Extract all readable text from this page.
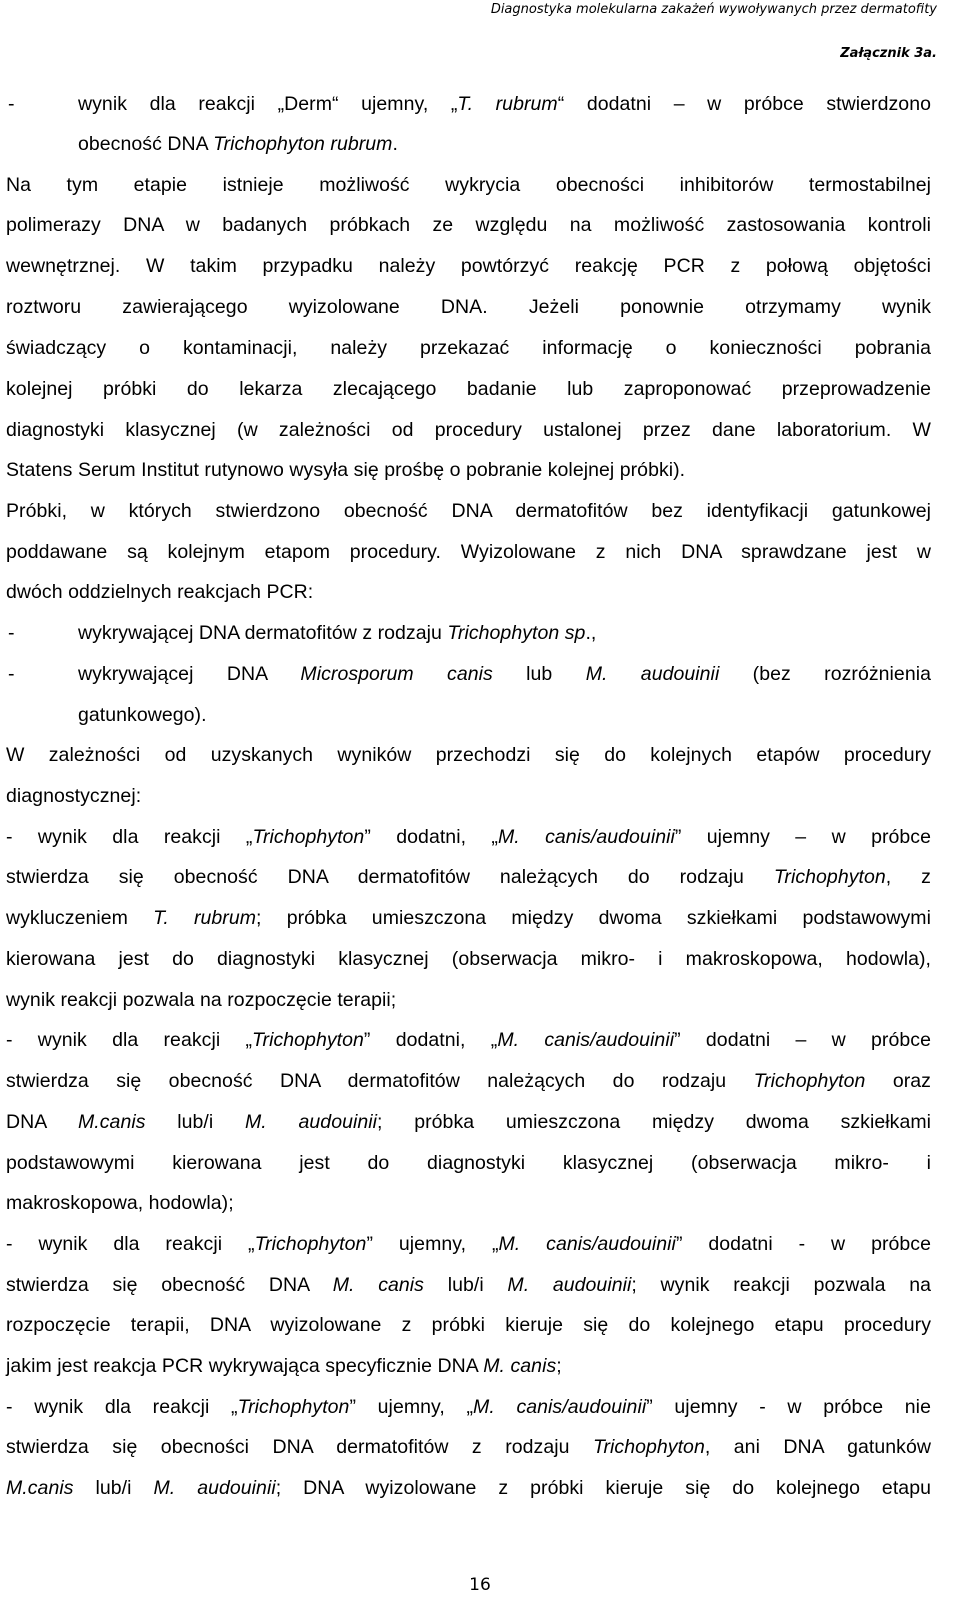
Diagnostyka molekularna zakażeń wywoływanych przez dermatofity
Załącznik 3a.
-	wynik dla reakcji „Derm“ ujemny, „T. rubrum“ dodatni – w próbce stwierdzono
obecność DNA Trichophyton rubrum.
Na tym etapie istnieje możliwość wykrycia obecności inhibitorów termostabilnej
polimerazy DNA w badanych próbkach ze względu na możliwość zastosowania kontroli
wewnętrznej. W takim przypadku należy powtórzyć reakcję PCR z połową objętości
roztworu zawierającego wyizolowane DNA. Jeżeli ponownie otrzymamy wynik
świadczący o kontaminacji, należy przekazać informację o konieczności pobrania
kolejnej próbki do lekarza zlecającego badanie lub zaproponować przeprowadzenie
diagnostyki klasycznej (w zależności od procedury ustalonej przez dane laboratorium. W
Statens Serum Institut rutynowo wysyła się prośbę o pobranie kolejnej próbki).
Próbki, w których stwierdzono obecność DNA dermatofitów bez identyfikacji gatunkowej
poddawane są kolejnym etapom procedury. Wyizolowane z nich DNA sprawdzane jest w
dwóch oddzielnych reakcjach PCR:
-	wykrywającej DNA dermatofitów z rodzaju Trichophyton sp.,
-	wykrywającej DNA Microsporum canis lub M. audouinii (bez rozróżnienia
gatunkowego).
W zależności od uzyskanych wyników przechodzi się do kolejnych etapów procedury
diagnostycznej:
- wynik dla reakcji „Trichophyton” dodatni, „M. canis/audouinii” ujemny – w próbce
stwierdza się obecność DNA dermatofitów należących do rodzaju Trichophyton, z
wykluczeniem T. rubrum; próbka umieszczona między dwoma szkiełkami podstawowymi
kierowana jest do diagnostyki klasycznej (obserwacja mikro- i makroskopowa, hodowla),
wynik reakcji pozwala na rozpoczęcie terapii;
- wynik dla reakcji „Trichophyton” dodatni, „M. canis/audouinii” dodatni – w próbce
stwierdza się obecność DNA dermatofitów należących do rodzaju Trichophyton oraz
DNA M.canis lub/i M. audouinii; próbka umieszczona między dwoma szkiełkami
podstawowymi kierowana jest do diagnostyki klasycznej (obserwacja mikro- i
makroskopowa, hodowla);
- wynik dla reakcji „Trichophyton” ujemny, „M. canis/audouinii” dodatni - w próbce
stwierdza się obecność DNA M. canis lub/i M. audouinii; wynik reakcji pozwala na
rozpoczęcie terapii, DNA wyizolowane z próbki kieruje się do kolejnego etapu procedury
jakim jest reakcja PCR wykrywająca specyficznie DNA M. canis;
- wynik dla reakcji „Trichophyton” ujemny, „M. canis/audouinii” ujemny - w próbce nie
stwierdza się obecności DNA dermatofitów z rodzaju Trichophyton, ani DNA gatunków
M.canis lub/i M. audouinii; DNA wyizolowane z próbki kieruje się do kolejnego etapu
16
